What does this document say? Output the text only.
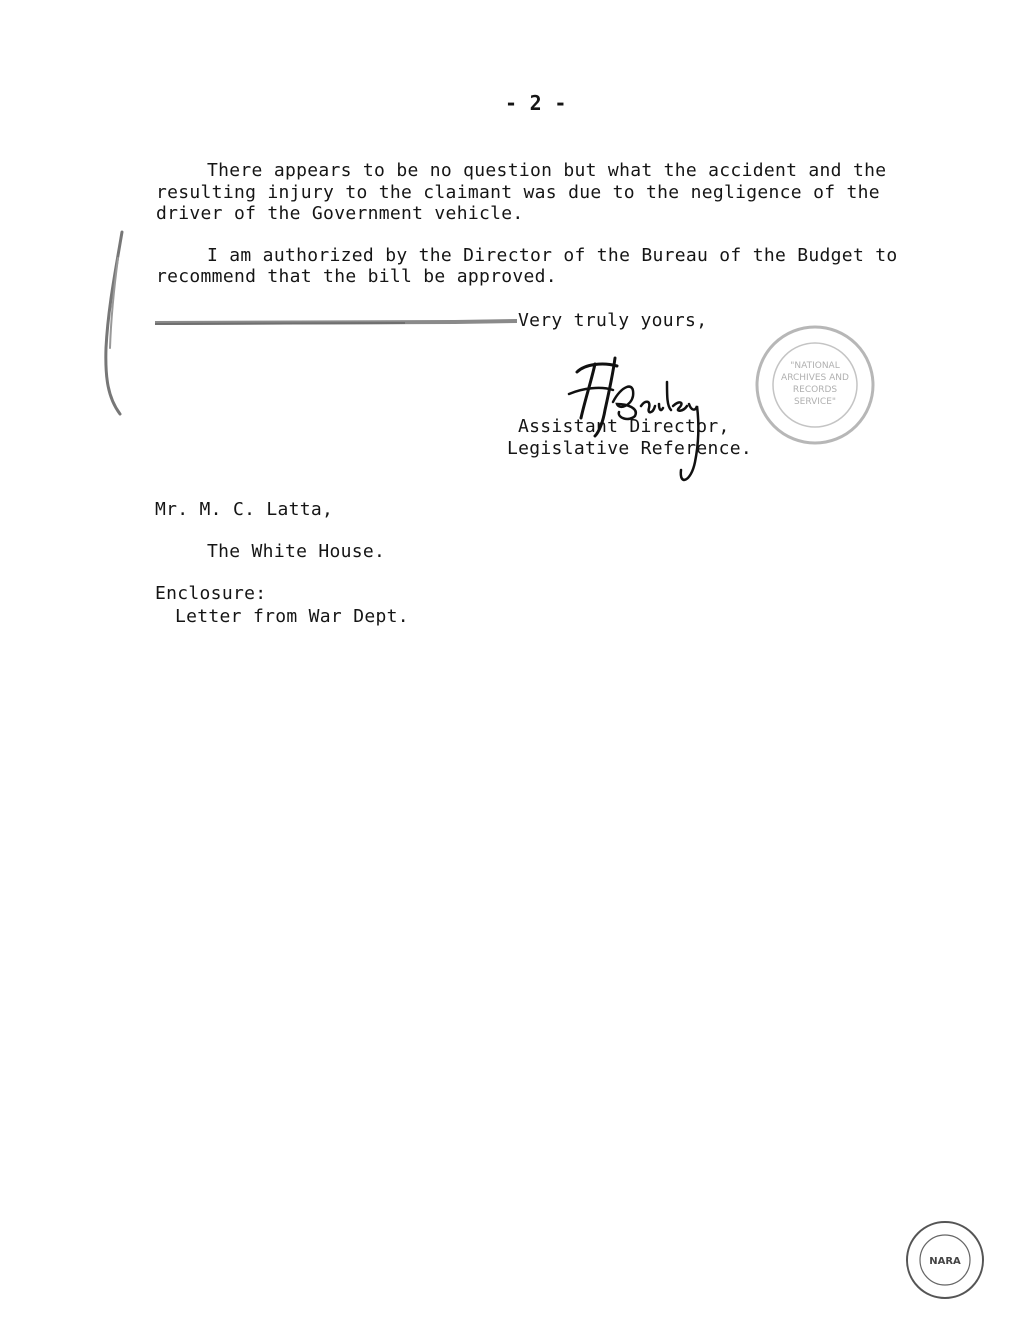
- 2 -
There appears to be no question but what the accident and the
resulting injury to the claimant was due to the negligence of the
driver of the Government vehicle.
I am authorized by the Director of the Bureau of the Budget to
recommend that the bill be approved.
Very truly yours,
Assistant Director,
Legislative Reference.
Mr. M. C. Latta,
The White House.
Enclosure:
Letter from War Dept.
"NATIONAL
ARCHIVES AND
RECORDS
SERVICE"
NARA
